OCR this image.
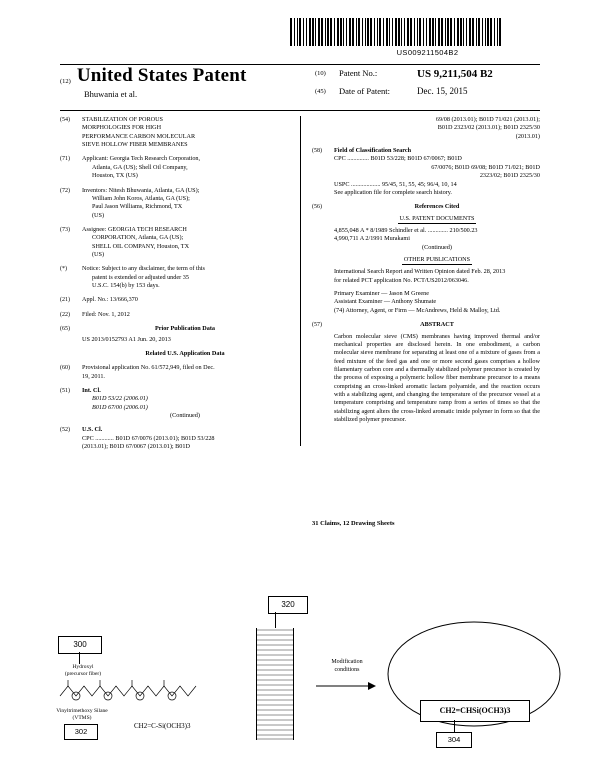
US009211504B2
(12) United States Patent
Bhuwania et al.
(10)	Patent No.:	US 9,211,504 B2
(45)	Date of Patent:	Dec. 15, 2015
(54)	STABILIZATION OF POROUS
MORPHOLOGIES FOR HIGH
PERFORMANCE CARBON MOLECULAR
SIEVE HOLLOW FIBER MEMBRANES
(71)	Applicant: Georgia Tech Research Corporation,
Atlanta, GA (US); Shell Oil Company,
Houston, TX (US)
(72)	Inventors: Nitesh Bhuwania, Atlanta, GA (US);
William John Koros, Atlanta, GA (US);
Paul Jason Williams, Richmond, TX
(US)
(73)	Assignee: GEORGIA TECH RESEARCH
CORPORATION, Atlanta, GA (US);
SHELL OIL COMPANY, Houston, TX
(US)
(*)	Notice: Subject to any disclaimer, the term of this
patent is extended or adjusted under 35
U.S.C. 154(b) by 153 days.
(21)	Appl. No.: 13/666,370
(22)	Filed: Nov. 1, 2012
(65)	Prior Publication Data
US 2013/0152793 A1 Jun. 20, 2013
Related U.S. Application Data
(60)	Provisional application No. 61/572,949, filed on Dec.
19, 2011.
(51)	Int. Cl.
B01D 53/22 (2006.01)
B01D 67/00 (2006.01)
(Continued)
(52)	U.S. Cl.
CPC ............ B01D 67/0076 (2013.01); B01D 53/228
(2013.01); B01D 67/0067 (2013.01); B01D
69/08 (2013.01); B01D 71/021 (2013.01);
B01D 2323/02 (2013.01); B01D 2325/30
(2013.01)
(58)	Field of Classification Search
CPC .............. B01D 53/228; B01D 67/0067; B01D
67/0076; B01D 69/08; B01D 71/021; B01D
2323/02; B01D 2325/30
USPC ................... 95/45, 51, 55, 45; 96/4, 10, 14
See application file for complete search history.
(56)	References Cited
U.S. PATENT DOCUMENTS
4,855,048 A * 8/1989 Schindler et al. ............. 210/500.23
4,990,711 A 2/1991 Murakami
(Continued)
OTHER PUBLICATIONS
International Search Report and Written Opinion dated Feb. 28, 2013
for related PCT application No. PCT/US2012/063046.
Primary Examiner — Jason M Greene
Assistant Examiner — Anthony Shumate
(74) Attorney, Agent, or Firm — McAndrews, Held & Malloy, Ltd.
(57)	ABSTRACT
Carbon molecular sieve (CMS) membranes having improved thermal and/or mechanical properties are disclosed herein. In one embodiment, a carbon molecular sieve membrane for separating at least one of a mixture of gases from a feed mixture of the feed gas and one or more second gases comprises a hollow filamentary carbon core and a thermally stabilized polymer precursor is created by the process of exposing a polymeric hollow fiber membrane precursor to a means comprising an cross-linked aromatic lactam polyamide, and the reaction occurs with a stabilizing agent, and changing the temperature of the precursor vessel at a temperature comprising and temperature ramp from a series of times so that the stabilizing agent alters the cross-linked aromatic imide polymer in form so that the stabilized polymer precursor.
31 Claims, 12 Drawing Sheets
300
Hydroxyl
(precursor fiber)
Vinyltrimethoxy Silane
(VTMS)
302
CH2=C-Si(OCH3)3
320
Modification
conditions
CH2=CHSi(OCH3)3
304
